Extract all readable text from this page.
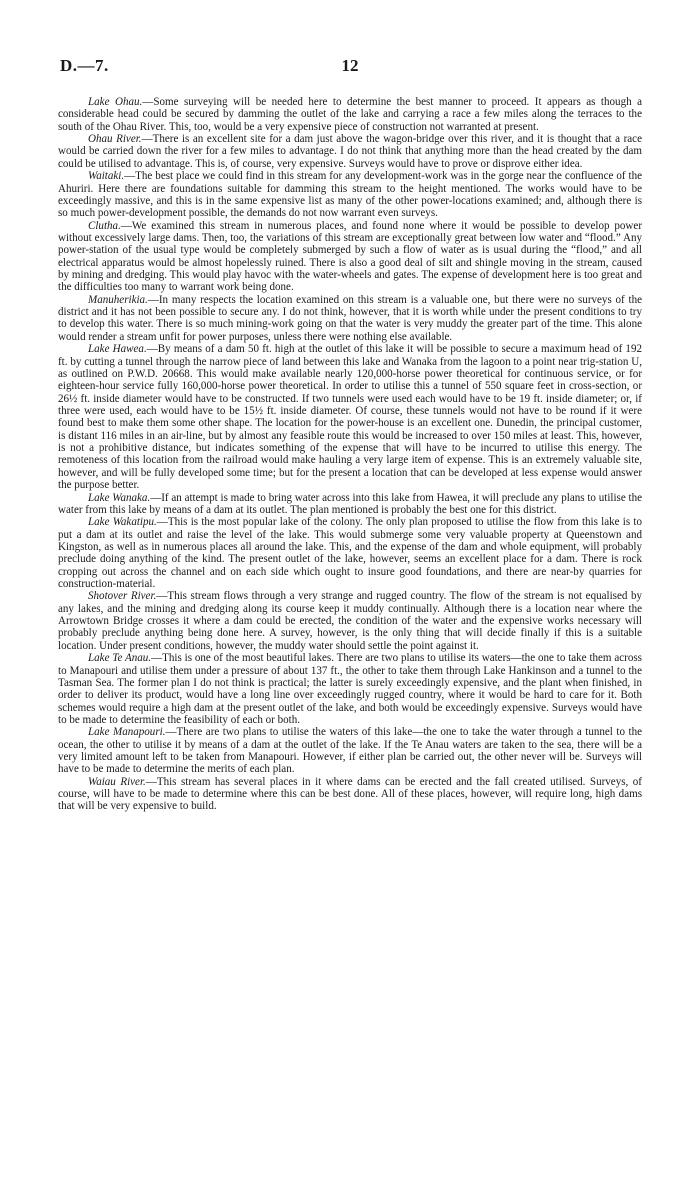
D.—7.	12

Lake Ohau.—Some surveying will be needed here to determine the best manner to proceed. It appears as though a considerable head could be secured by damming the outlet of the lake and carrying a race a few miles along the terraces to the south of the Ohau River. This, too, would be a very expensive piece of construction not warranted at present.

Ohau River.—There is an excellent site for a dam just above the wagon-bridge over this river, and it is thought that a race would be carried down the river for a few miles to advantage. I do not think that anything more than the head created by the dam could be utilised to advantage. This is, of course, very expensive. Surveys would have to prove or disprove either idea.

Waitaki.—The best place we could find in this stream for any development-work was in the gorge near the confluence of the Ahuriri. Here there are foundations suitable for damming this stream to the height mentioned. The works would have to be exceedingly massive, and this is in the same expensive list as many of the other power-locations examined; and, although there is so much power-development possible, the demands do not now warrant even surveys.

Clutha.—We examined this stream in numerous places, and found none where it would be possible to develop power without excessively large dams. Then, too, the variations of this stream are exceptionally great between low water and “flood.” Any power-station of the usual type would be completely submerged by such a flow of water as is usual during the “flood,” and all electrical apparatus would be almost hopelessly ruined. There is also a good deal of silt and shingle moving in the stream, caused by mining and dredging. This would play havoc with the water-wheels and gates. The expense of development here is too great and the difficulties too many to warrant work being done.

Manuherikia.—In many respects the location examined on this stream is a valuable one, but there were no surveys of the district and it has not been possible to secure any. I do not think, however, that it is worth while under the present conditions to try to develop this water. There is so much mining-work going on that the water is very muddy the greater part of the time. This alone would render a stream unfit for power purposes, unless there were nothing else available.

Lake Hawea.—By means of a dam 50 ft. high at the outlet of this lake it will be possible to secure a maximum head of 192 ft. by cutting a tunnel through the narrow piece of land between this lake and Wanaka from the lagoon to a point near trig-station U, as outlined on P.W.D. 20668. This would make available nearly 120,000-horse power theoretical for continuous service, or for eighteen-hour service fully 160,000-horse power theoretical. In order to utilise this a tunnel of 550 square feet in cross-section, or 26½ ft. inside diameter would have to be constructed. If two tunnels were used each would have to be 19 ft. inside diameter; or, if three were used, each would have to be 15½ ft. inside diameter. Of course, these tunnels would not have to be round if it were found best to make them some other shape. The location for the power-house is an excellent one. Dunedin, the principal customer, is distant 116 miles in an air-line, but by almost any feasible route this would be increased to over 150 miles at least. This, however, is not a prohibitive distance, but indicates something of the expense that will have to be incurred to utilise this energy. The remoteness of this location from the railroad would make hauling a very large item of expense. This is an extremely valuable site, however, and will be fully developed some time; but for the present a location that can be developed at less expense would answer the purpose better.

Lake Wanaka.—If an attempt is made to bring water across into this lake from Hawea, it will preclude any plans to utilise the water from this lake by means of a dam at its outlet. The plan mentioned is probably the best one for this district.

Lake Wakatipu.—This is the most popular lake of the colony. The only plan proposed to utilise the flow from this lake is to put a dam at its outlet and raise the level of the lake. This would submerge some very valuable property at Queenstown and Kingston, as well as in numerous places all around the lake. This, and the expense of the dam and whole equipment, will probably preclude doing anything of the kind. The present outlet of the lake, however, seems an excellent place for a dam. There is rock cropping out across the channel and on each side which ought to insure good foundations, and there are near-by quarries for construction-material.

Shotover River.—This stream flows through a very strange and rugged country. The flow of the stream is not equalised by any lakes, and the mining and dredging along its course keep it muddy continually. Although there is a location near where the Arrowtown Bridge crosses it where a dam could be erected, the condition of the water and the expensive works necessary will probably preclude anything being done here. A survey, however, is the only thing that will decide finally if this is a suitable location. Under present conditions, however, the muddy water should settle the point against it.

Lake Te Anau.—This is one of the most beautiful lakes. There are two plans to utilise its waters—the one to take them across to Manapouri and utilise them under a pressure of about 137 ft., the other to take them through Lake Hankinson and a tunnel to the Tasman Sea. The former plan I do not think is practical; the latter is surely exceedingly expensive, and the plant when finished, in order to deliver its product, would have a long line over exceedingly rugged country, where it would be hard to care for it. Both schemes would require a high dam at the present outlet of the lake, and both would be exceedingly expensive. Surveys would have to be made to determine the feasibility of each or both.

Lake Manapouri.—There are two plans to utilise the waters of this lake—the one to take the water through a tunnel to the ocean, the other to utilise it by means of a dam at the outlet of the lake. If the Te Anau waters are taken to the sea, there will be a very limited amount left to be taken from Manapouri. However, if either plan be carried out, the other never will be. Surveys will have to be made to determine the merits of each plan.

Waiau River.—This stream has several places in it where dams can be erected and the fall created utilised. Surveys, of course, will have to be made to determine where this can be best done. All of these places, however, will require long, high dams that will be very expensive to build.
